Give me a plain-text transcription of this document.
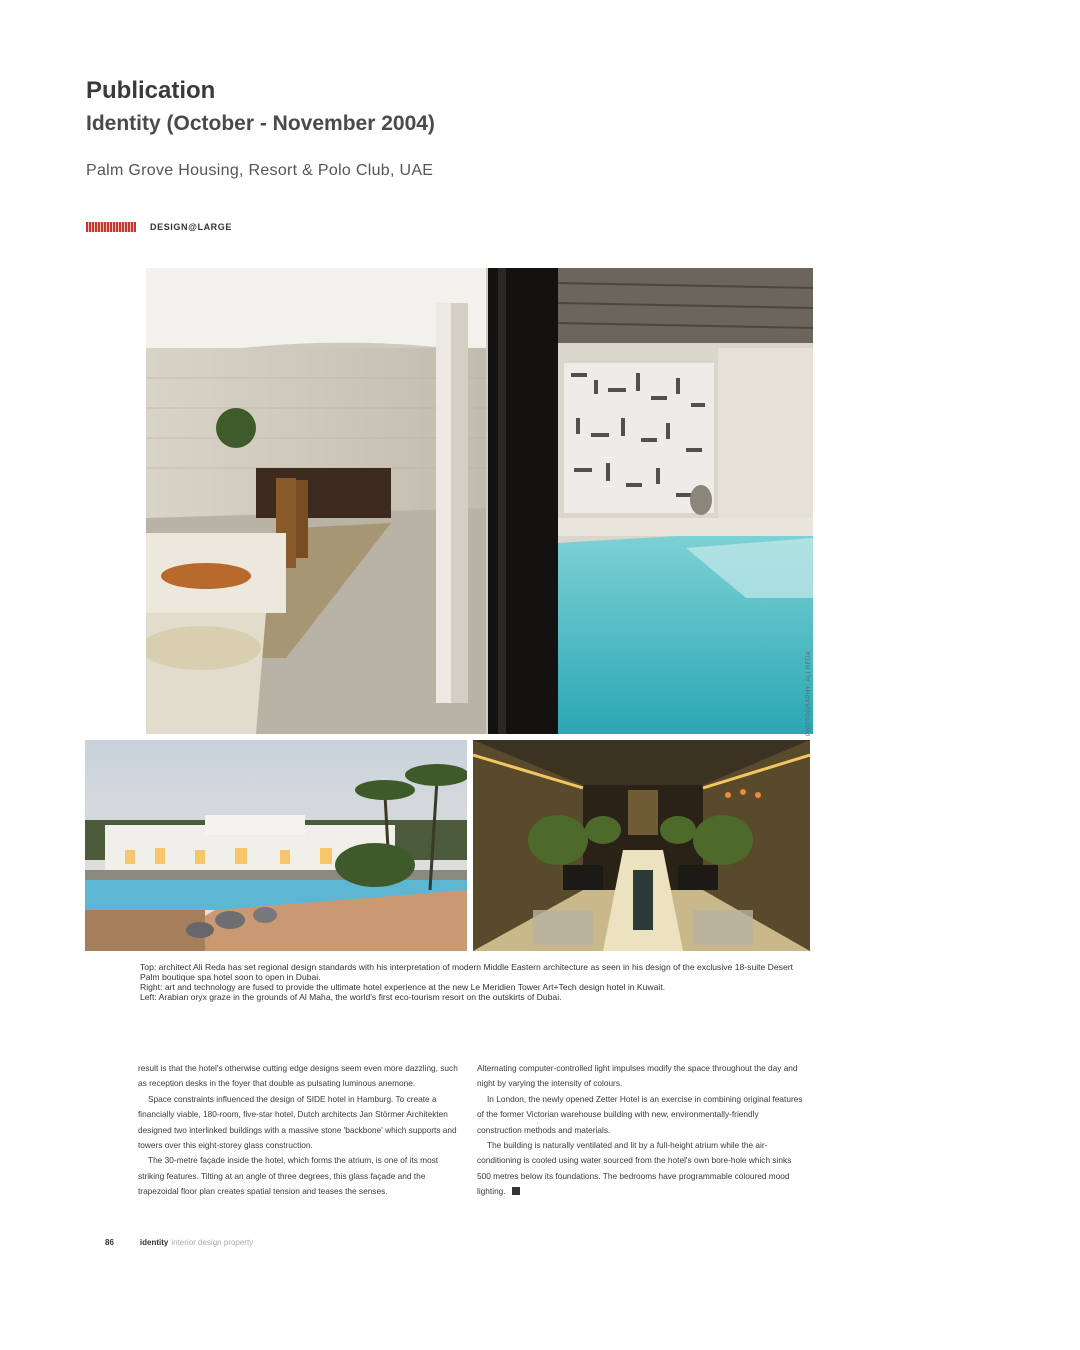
Publication
Identity (October - November 2004)
Palm Grove Housing, Resort & Polo Club, UAE
DESIGN@LARGE
PHOTOGRAPHY: ALI REDA

Top: architect Ali Reda has set regional design standards with his interpretation of modern Middle Eastern architecture as seen in his design of the exclusive 18-suite Desert Palm boutique spa hotel soon to open in Dubai.

Right: art and technology are fused to provide the ultimate hotel experience at the new Le Meridien Tower Art+Tech design hotel in Kuwait.

Left: Arabian oryx graze in the grounds of Al Maha, the world's first eco-tourism resort on the outskirts of Dubai.

result is that the hotel's otherwise cutting edge designs seem even more dazzling, such as reception desks in the foyer that double as pulsating luminous anemone.

Space constraints influenced the design of SIDE hotel in Hamburg. To create a financially viable, 180-room, five-star hotel, Dutch architects Jan Störmer Architekten designed two interlinked buildings with a massive stone 'backbone' which supports and towers over this eight-storey glass construction.

The 30-metre façade inside the hotel, which forms the atrium, is one of its most striking features. Tilting at an angle of three degrees, this glass façade and the trapezoidal floor plan creates spatial tension and teases the senses.

Alternating computer-controlled light impulses modify the space throughout the day and night by varying the intensity of colours.

In London, the newly opened Zetter Hotel is an exercise in combining original features of the former Victorian warehouse building with new, environmentally-friendly construction methods and materials.

The building is naturally ventilated and lit by a full-height atrium while the air-conditioning is cooled using water sourced from the hotel's own bore-hole which sinks 500 metres below its foundations. The bedrooms have programmable coloured mood lighting.

86	identity interior design property
